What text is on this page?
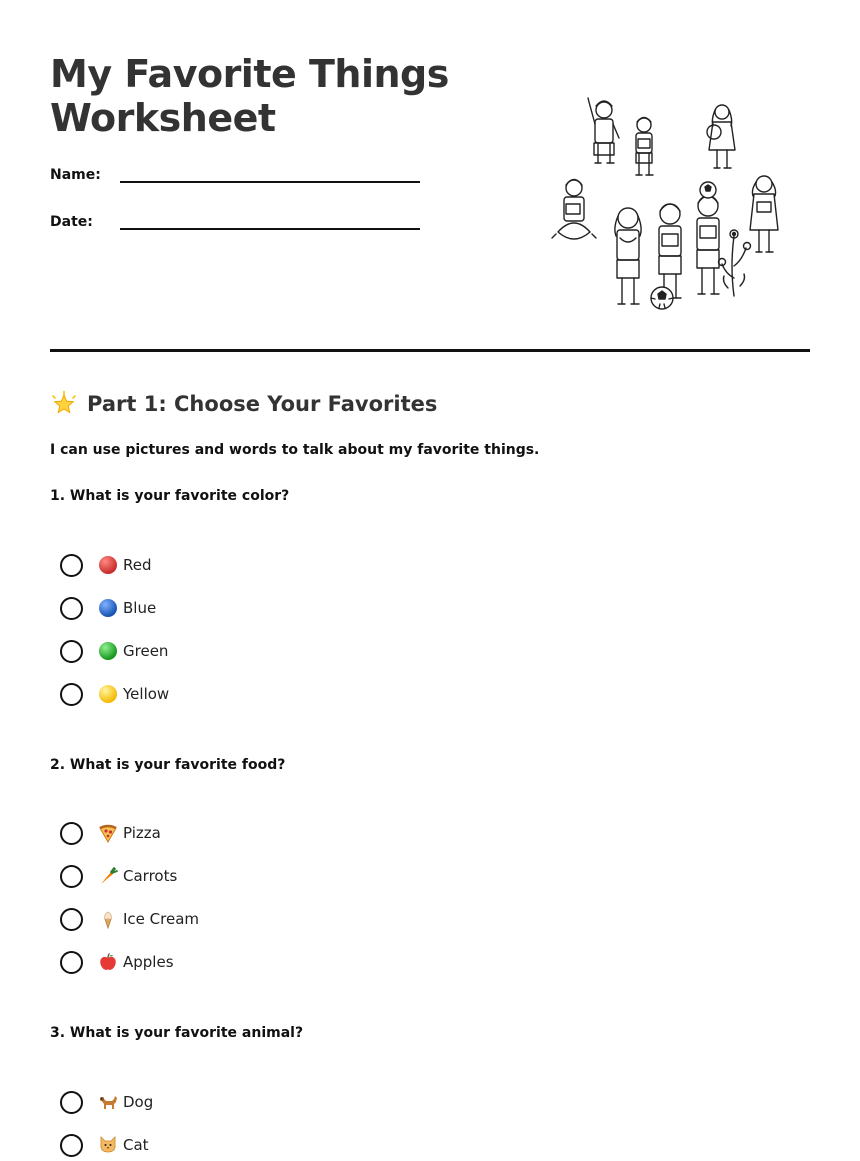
My Favorite Things
Worksheet
Name:
Date:
Part 1: Choose Your Favorites
I can use pictures and words to talk about my favorite things.
1. What is your favorite color?
Red
Blue
Green
Yellow
2. What is your favorite food?
Pizza
Carrots
Ice Cream
Apples
3. What is your favorite animal?
Dog
Cat
